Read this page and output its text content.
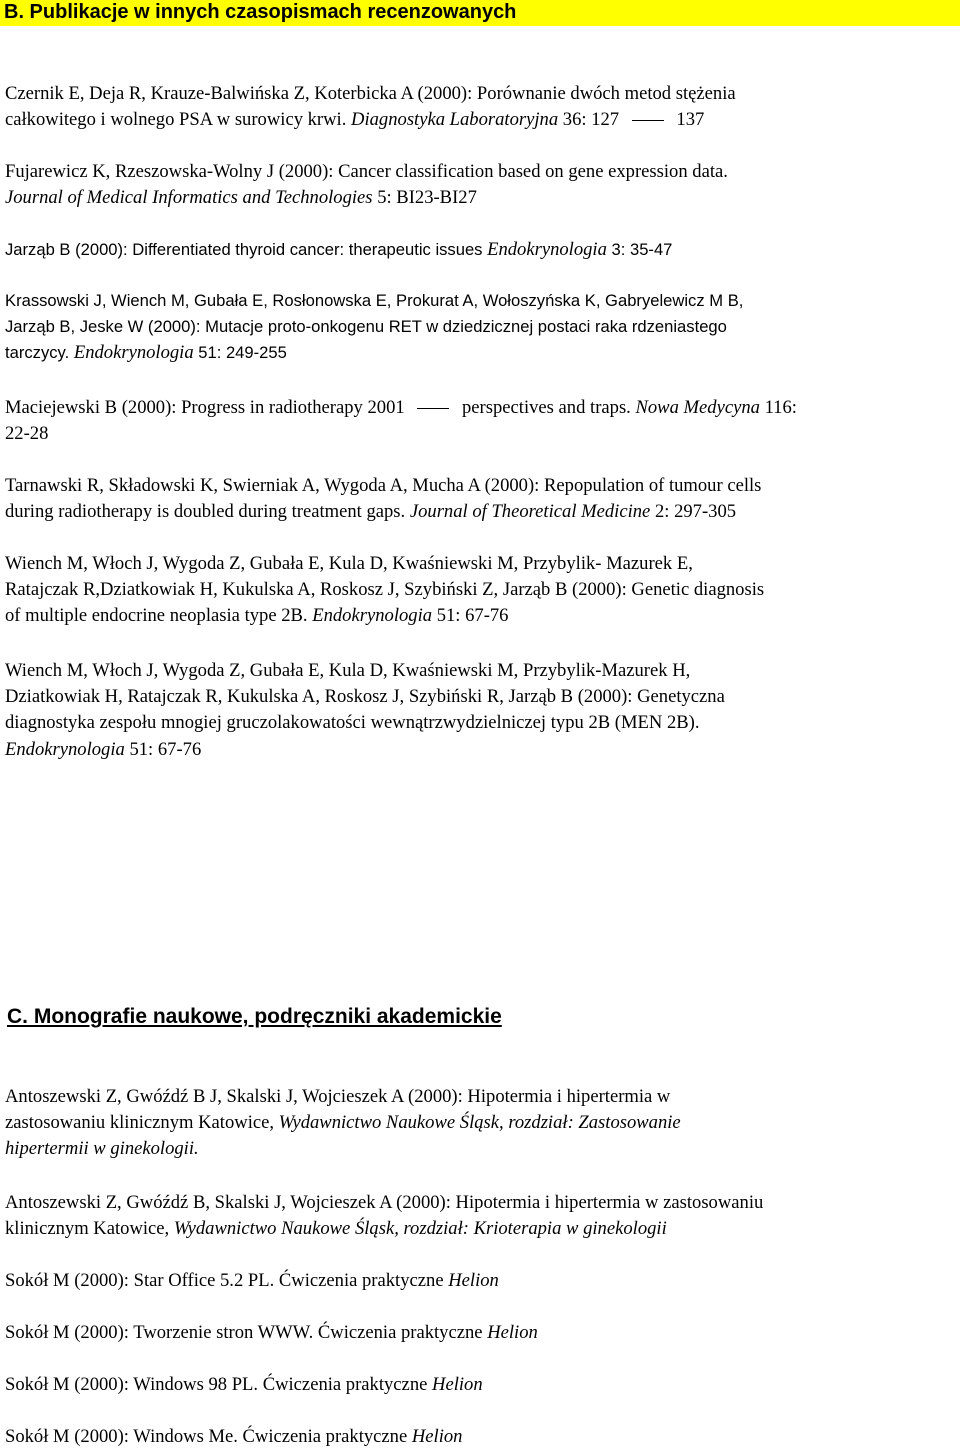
B. Publikacje w innych czasopismach recenzowanych

Czernik E, Deja R, Krauze-Balwińska Z, Koterbicka A (2000): Porównanie dwóch metod stężenia
całkowitego i wolnego PSA w surowicy krwi. Diagnostyka Laboratoryjna 36: 127	137

Fujarewicz K, Rzeszowska-Wolny J (2000): Cancer classification based on gene expression data.
Journal of Medical Informatics and Technologies 5: BI23-BI27

Jarząb B (2000): Differentiated thyroid cancer: therapeutic issues Endokrynologia 3: 35-47

Krassowski J, Wiench M, Gubała E, Rosłonowska E, Prokurat A, Wołoszyńska K, Gabryelewicz M B,
Jarząb B, Jeske W (2000): Mutacje proto-onkogenu RET w dziedzicznej postaci raka rdzeniastego
tarczycy. Endokrynologia 51: 249-255

Maciejewski B (2000): Progress in radiotherapy 2001	perspectives and traps. Nowa Medycyna 116:
22-28

Tarnawski R, Składowski K, Swierniak A, Wygoda A, Mucha A (2000): Repopulation of tumour cells
during radiotherapy is doubled during treatment gaps. Journal of Theoretical Medicine 2: 297-305

Wiench M, Włoch J, Wygoda Z, Gubała E, Kula D, Kwaśniewski M, Przybylik- Mazurek E,
Ratajczak R,Dziatkowiak H, Kukulska A, Roskosz J, Szybiński Z, Jarząb B (2000): Genetic diagnosis
of multiple endocrine neoplasia type 2B. Endokrynologia 51: 67-76

Wiench M, Włoch J, Wygoda Z, Gubała E, Kula D, Kwaśniewski M, Przybylik-Mazurek H,
Dziatkowiak H, Ratajczak R, Kukulska A, Roskosz J, Szybiński R, Jarząb B (2000): Genetyczna
diagnostyka zespołu mnogiej gruczolakowatości wewnątrzwydzielniczej typu 2B (MEN 2B).
Endokrynologia 51: 67-76

C. Monografie naukowe, podręczniki akademickie

Antoszewski Z, Gwóźdź B J, Skalski J, Wojcieszek A (2000): Hipotermia i hipertermia w
zastosowaniu klinicznym Katowice, Wydawnictwo Naukowe Śląsk, rozdział: Zastosowanie
hipertermii w ginekologii.

Antoszewski Z, Gwóźdź B, Skalski J, Wojcieszek A (2000): Hipotermia i hipertermia w zastosowaniu
klinicznym Katowice, Wydawnictwo Naukowe Śląsk, rozdział: Krioterapia w ginekologii

Sokół M (2000): Star Office 5.2 PL. Ćwiczenia praktyczne Helion

Sokół M (2000): Tworzenie stron WWW. Ćwiczenia praktyczne Helion

Sokół M (2000): Windows 98 PL. Ćwiczenia praktyczne Helion

Sokół M (2000): Windows Me. Ćwiczenia praktyczne Helion
